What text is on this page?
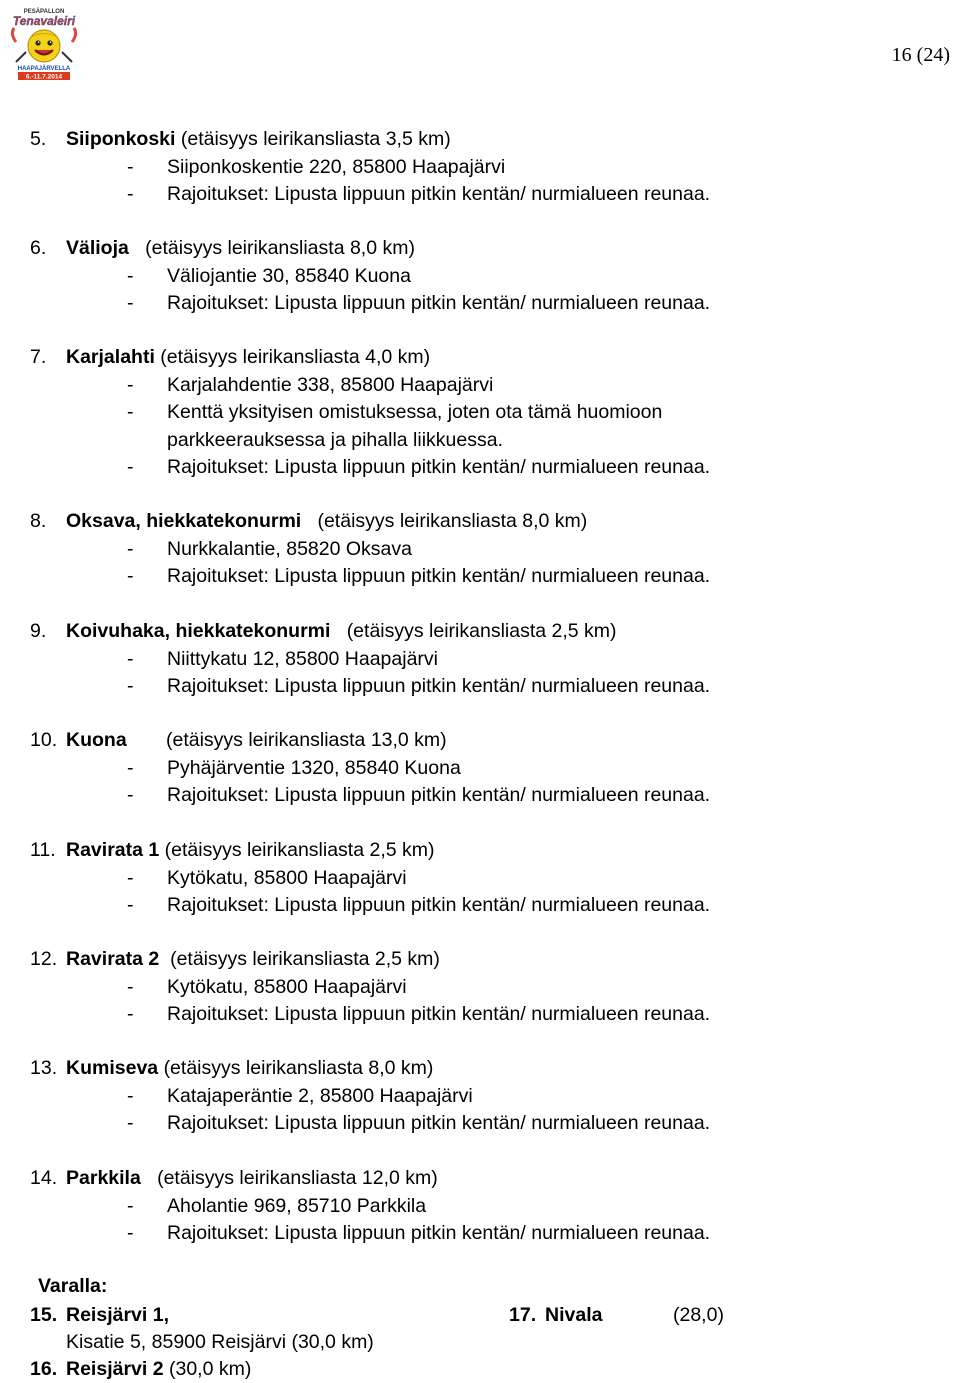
PESÄPALLON
Tenavaleiri
HAAPAJÄRVELLA
6.-11.7.2014
16 (24)
5. Siiponkoski (etäisyys leirikansliasta 3,5 km)
- Siiponkoskentie 220, 85800 Haapajärvi
- Rajoitukset: Lipusta lippuun pitkin kentän/ nurmialueen reunaa.
6. Välioja (etäisyys leirikansliasta 8,0 km)
- Väliojantie 30, 85840 Kuona
- Rajoitukset: Lipusta lippuun pitkin kentän/ nurmialueen reunaa.
7. Karjalahti (etäisyys leirikansliasta 4,0 km)
- Karjalahdentie 338, 85800 Haapajärvi
- Kenttä yksityisen omistuksessa, joten ota tämä huomioon
parkkeerauksessa ja pihalla liikkuessa.
- Rajoitukset: Lipusta lippuun pitkin kentän/ nurmialueen reunaa.
8. Oksava, hiekkatekonurmi (etäisyys leirikansliasta 8,0 km)
- Nurkkalantie, 85820 Oksava
- Rajoitukset: Lipusta lippuun pitkin kentän/ nurmialueen reunaa.
9. Koivuhaka, hiekkatekonurmi (etäisyys leirikansliasta 2,5 km)
- Niittykatu 12, 85800 Haapajärvi
- Rajoitukset: Lipusta lippuun pitkin kentän/ nurmialueen reunaa.
10. Kuona (etäisyys leirikansliasta 13,0 km)
- Pyhäjärventie 1320, 85840 Kuona
- Rajoitukset: Lipusta lippuun pitkin kentän/ nurmialueen reunaa.
11. Ravirata 1 (etäisyys leirikansliasta 2,5 km)
- Kytökatu, 85800 Haapajärvi
- Rajoitukset: Lipusta lippuun pitkin kentän/ nurmialueen reunaa.
12. Ravirata 2 (etäisyys leirikansliasta 2,5 km)
- Kytökatu, 85800 Haapajärvi
- Rajoitukset: Lipusta lippuun pitkin kentän/ nurmialueen reunaa.
13. Kumiseva (etäisyys leirikansliasta 8,0 km)
- Katajaperäntie 2, 85800 Haapajärvi
- Rajoitukset: Lipusta lippuun pitkin kentän/ nurmialueen reunaa.
14. Parkkila (etäisyys leirikansliasta 12,0 km)
- Aholantie 969, 85710 Parkkila
- Rajoitukset: Lipusta lippuun pitkin kentän/ nurmialueen reunaa.
Varalla:
15. Reisjärvi 1,
Kisatie 5, 85900 Reisjärvi (30,0 km)
16. Reisjärvi 2 (30,0 km)
17. Nivala	(28,0)
